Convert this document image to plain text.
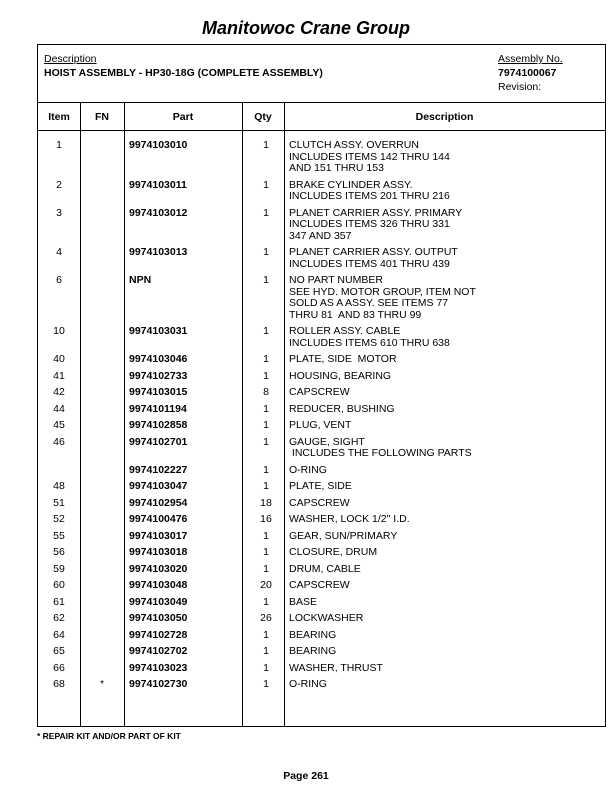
Manitowoc Crane Group
Description
HOIST ASSEMBLY - HP30-18G (COMPLETE ASSEMBLY)
Assembly No.
7974100067
Revision:
Item	FN	Part	Qty	Description
1	9974103010	1	CLUTCH ASSY. OVERRUN
INCLUDES ITEMS 142 THRU 144
AND 151 THRU 153
2	9974103011	1	BRAKE CYLINDER ASSY.
INCLUDES ITEMS 201 THRU 216
3	9974103012	1	PLANET CARRIER ASSY. PRIMARY
INCLUDES ITEMS 326 THRU 331
347 AND 357
4	9974103013	1	PLANET CARRIER ASSY. OUTPUT
INCLUDES ITEMS 401 THRU 439
6	NPN	1	NO PART NUMBER
SEE HYD. MOTOR GROUP, ITEM NOT
SOLD AS A ASSY. SEE ITEMS 77
THRU 81  AND 83 THRU 99
10	9974103031	1	ROLLER ASSY. CABLE
INCLUDES ITEMS 610 THRU 638
40	9974103046	1	PLATE, SIDE  MOTOR
41	9974102733	1	HOUSING, BEARING
42	9974103015	8	CAPSCREW
44	9974101194	1	REDUCER, BUSHING
45	9974102858	1	PLUG, VENT
46	9974102701	1	GAUGE, SIGHT
INCLUDES THE FOLLOWING PARTS
9974102227	1	O-RING
48	9974103047	1	PLATE, SIDE
51	9974102954	18	CAPSCREW
52	9974100476	16	WASHER, LOCK 1/2" I.D.
55	9974103017	1	GEAR, SUN/PRIMARY
56	9974103018	1	CLOSURE, DRUM
59	9974103020	1	DRUM, CABLE
60	9974103048	20	CAPSCREW
61	9974103049	1	BASE
62	9974103050	26	LOCKWASHER
64	9974102728	1	BEARING
65	9974102702	1	BEARING
66	9974103023	1	WASHER, THRUST
68	*	9974102730	1	O-RING
* REPAIR KIT AND/OR PART OF KIT
Page 261
